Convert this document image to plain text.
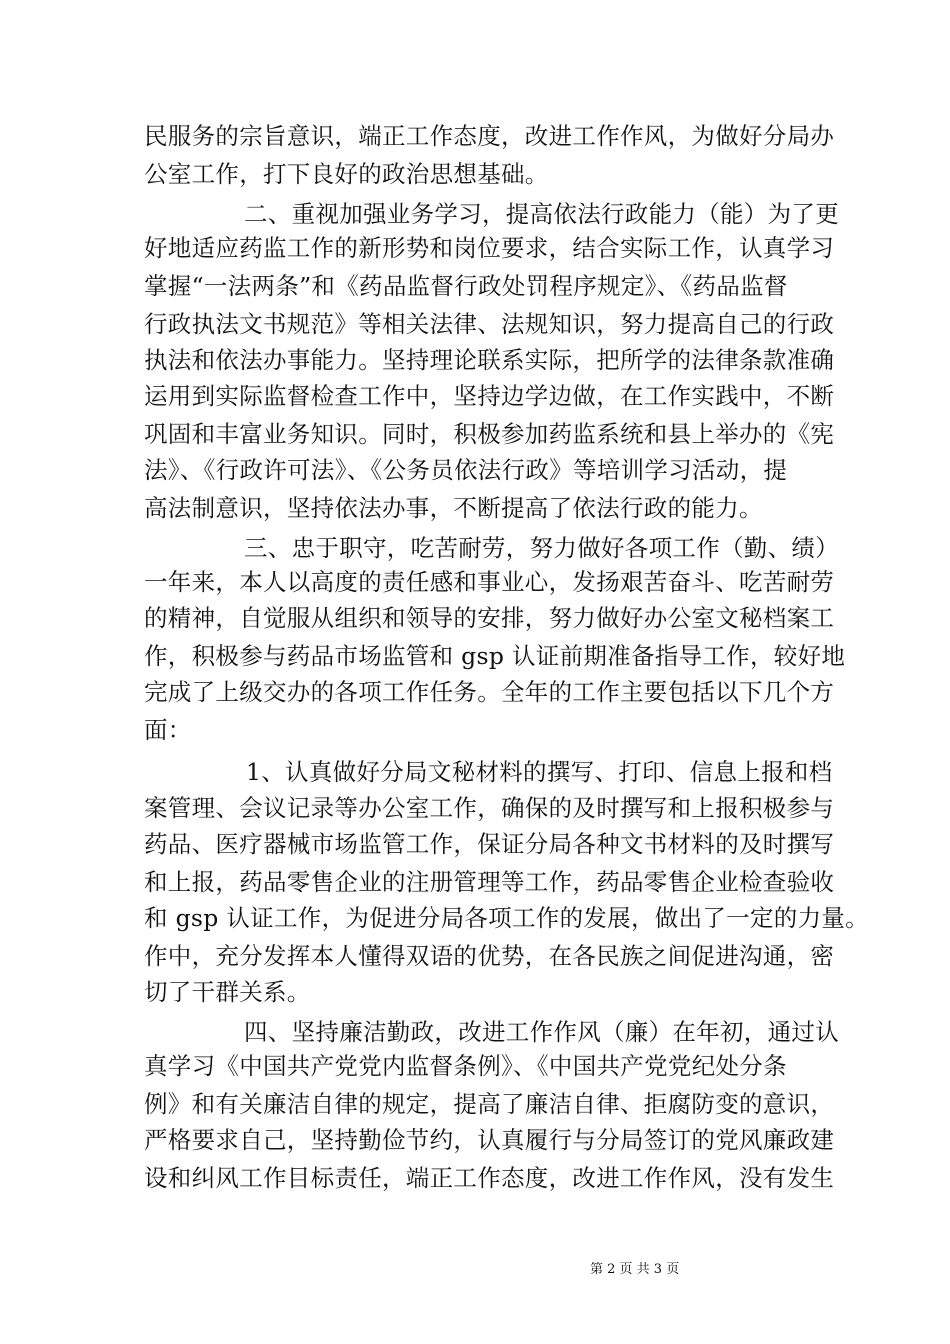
民服务的宗旨意识，端正工作态度，改进工作作风，为做好分局办
公室工作，打下良好的政治思想基础。
二、重视加强业务学习，提高依法行政能力（能）为了更
好地适应药监工作的新形势和岗位要求，结合实际工作，认真学习
掌握“一法两条”和《药品监督行政处罚程序规定》、《药品监督
行政执法文书规范》等相关法律、法规知识，努力提高自己的行政
执法和依法办事能力。坚持理论联系实际，把所学的法律条款准确
运用到实际监督检查工作中，坚持边学边做，在工作实践中，不断
巩固和丰富业务知识。同时，积极参加药监系统和县上举办的《宪
法》、《行政许可法》、《公务员依法行政》等培训学习活动，提
高法制意识，坚持依法办事，不断提高了依法行政的能力。
三、忠于职守，吃苦耐劳，努力做好各项工作（勤、绩）
一年来，本人以高度的责任感和事业心，发扬艰苦奋斗、吃苦耐劳
的精神，自觉服从组织和领导的安排，努力做好办公室文秘档案工
作，积极参与药品市场监管和 gsp 认证前期准备指导工作，较好地
完成了上级交办的各项工作任务。全年的工作主要包括以下几个方
面：
1、认真做好分局文秘材料的撰写、打印、信息上报和档
案管理、会议记录等办公室工作，确保的及时撰写和上报积极参与
药品、医疗器械市场监管工作，保证分局各种文书材料的及时撰写
和上报，药品零售企业的注册管理等工作，药品零售企业检查验收
和 gsp 认证工作，为促进分局各项工作的发展，做出了一定的力量。
作中，充分发挥本人懂得双语的优势，在各民族之间促进沟通，密
切了干群关系。
四、坚持廉洁勤政，改进工作作风（廉）在年初，通过认
真学习《中国共产党党内监督条例》、《中国共产党党纪处分条
例》和有关廉洁自律的规定，提高了廉洁自律、拒腐防变的意识，
严格要求自己，坚持勤俭节约，认真履行与分局签订的党风廉政建
设和纠风工作目标责任，端正工作态度，改进工作作风，没有发生
第 2 页 共 3 页
